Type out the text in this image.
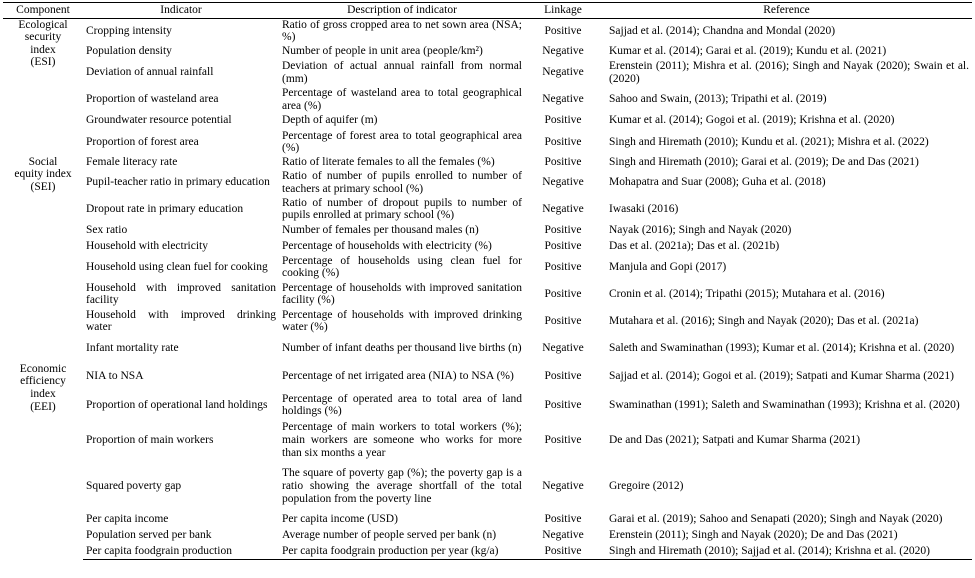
Component	Indicator	Description of indicator	Linkage	Reference

Ecological
security
index
(ESI)	Cropping intensity	Ratio of gross cropped area to net sown area (NSA; %)	Positive	Sajjad et al. (2014); Chandna and Mondal (2020)
	Population density	Number of people in unit area (people/km²)	Negative	Kumar et al. (2014); Garai et al. (2019); Kundu et al. (2021)
	Deviation of annual rainfall	Deviation of actual annual rainfall from normal (mm)	Negative	Erenstein (2011); Mishra et al. (2016); Singh and Nayak (2020); Swain et al. (2020)
	Proportion of wasteland area	Percentage of wasteland area to total geographical area (%)	Negative	Sahoo and Swain, (2013); Tripathi et al. (2019)
	Groundwater resource potential	Depth of aquifer (m)	Positive	Kumar et al. (2014); Gogoi et al. (2019); Krishna et al. (2020)
	Proportion of forest area	Percentage of forest area to total geographical area (%)	Positive	Singh and Hiremath (2010); Kundu et al. (2021); Mishra et al. (2022)

Social
equity index
(SEI)	Female literacy rate	Ratio of literate females to all the females (%)	Positive	Singh and Hiremath (2010); Garai et al. (2019); De and Das (2021)
	Pupil-teacher ratio in primary education	Ratio of number of pupils enrolled to number of teachers at primary school (%)	Negative	Mohapatra and Suar (2008); Guha et al. (2018)
	Dropout rate in primary education	Ratio of number of dropout pupils to number of pupils enrolled at primary school (%)	Negative	Iwasaki (2016)
	Sex ratio	Number of females per thousand males (n)	Positive	Nayak (2016); Singh and Nayak (2020)
	Household with electricity	Percentage of households with electricity (%)	Positive	Das et al. (2021a); Das et al. (2021b)
	Household using clean fuel for cooking	Percentage of households using clean fuel for cooking (%)	Positive	Manjula and Gopi (2017)
	Household with improved sanitation facility	Percentage of households with improved sanitation facility (%)	Positive	Cronin et al. (2014); Tripathi (2015); Mutahara et al. (2016)
	Household with improved drinking water	Percentage of households with improved drinking water (%)	Positive	Mutahara et al. (2016); Singh and Nayak (2020); Das et al. (2021a)
	Infant mortality rate	Number of infant deaths per thousand live births (n)	Negative	Saleth and Swaminathan (1993); Kumar et al. (2014); Krishna et al. (2020)

Economic
efficiency
index
(EEI)	NIA to NSA	Percentage of net irrigated area (NIA) to NSA (%)	Positive	Sajjad et al. (2014); Gogoi et al. (2019); Satpati and Kumar Sharma (2021)
	Proportion of operational land holdings	Percentage of operated area to total area of land holdings (%)	Positive	Swaminathan (1991); Saleth and Swaminathan (1993); Krishna et al. (2020)
	Proportion of main workers	Percentage of main workers to total workers (%); main workers are someone who works for more than six months a year	Positive	De and Das (2021); Satpati and Kumar Sharma (2021)
	Squared poverty gap	The square of poverty gap (%); the poverty gap is a ratio showing the average shortfall of the total population from the poverty line	Negative	Gregoire (2012)
	Per capita income	Per capita income (USD)	Positive	Garai et al. (2019); Sahoo and Senapati (2020); Singh and Nayak (2020)
	Population served per bank	Average number of people served per bank (n)	Negative	Erenstein (2011); Singh and Nayak (2020); De and Das (2021)
	Per capita foodgrain production	Per capita foodgrain production per year (kg/a)	Positive	Singh and Hiremath (2010); Sajjad et al. (2014); Krishna et al. (2020)
